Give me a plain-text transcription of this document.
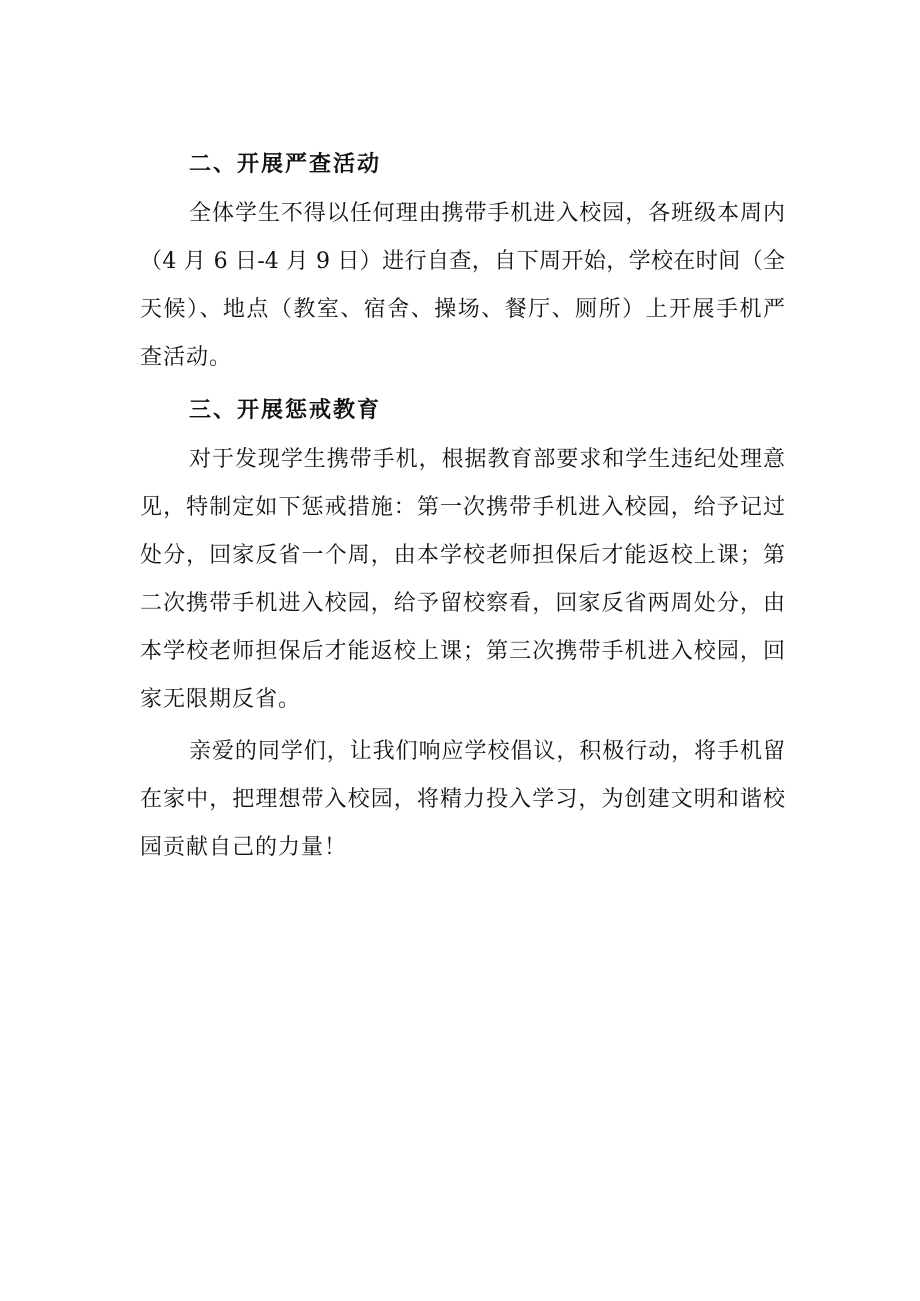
二、开展严查活动
全体学生不得以任何理由携带手机进入校园，各班级本周内
（4 月 6 日-4 月 9 日）进行自查，自下周开始，学校在时间（全
天候）、地点（教室、宿舍、操场、餐厅、厕所）上开展手机严
查活动。
三、开展惩戒教育
对于发现学生携带手机，根据教育部要求和学生违纪处理意
见，特制定如下惩戒措施：第一次携带手机进入校园，给予记过
处分，回家反省一个周，由本学校老师担保后才能返校上课；第
二次携带手机进入校园，给予留校察看，回家反省两周处分，由
本学校老师担保后才能返校上课；第三次携带手机进入校园，回
家无限期反省。
亲爱的同学们，让我们响应学校倡议，积极行动，将手机留
在家中，把理想带入校园，将精力投入学习，为创建文明和谐校
园贡献自己的力量！
